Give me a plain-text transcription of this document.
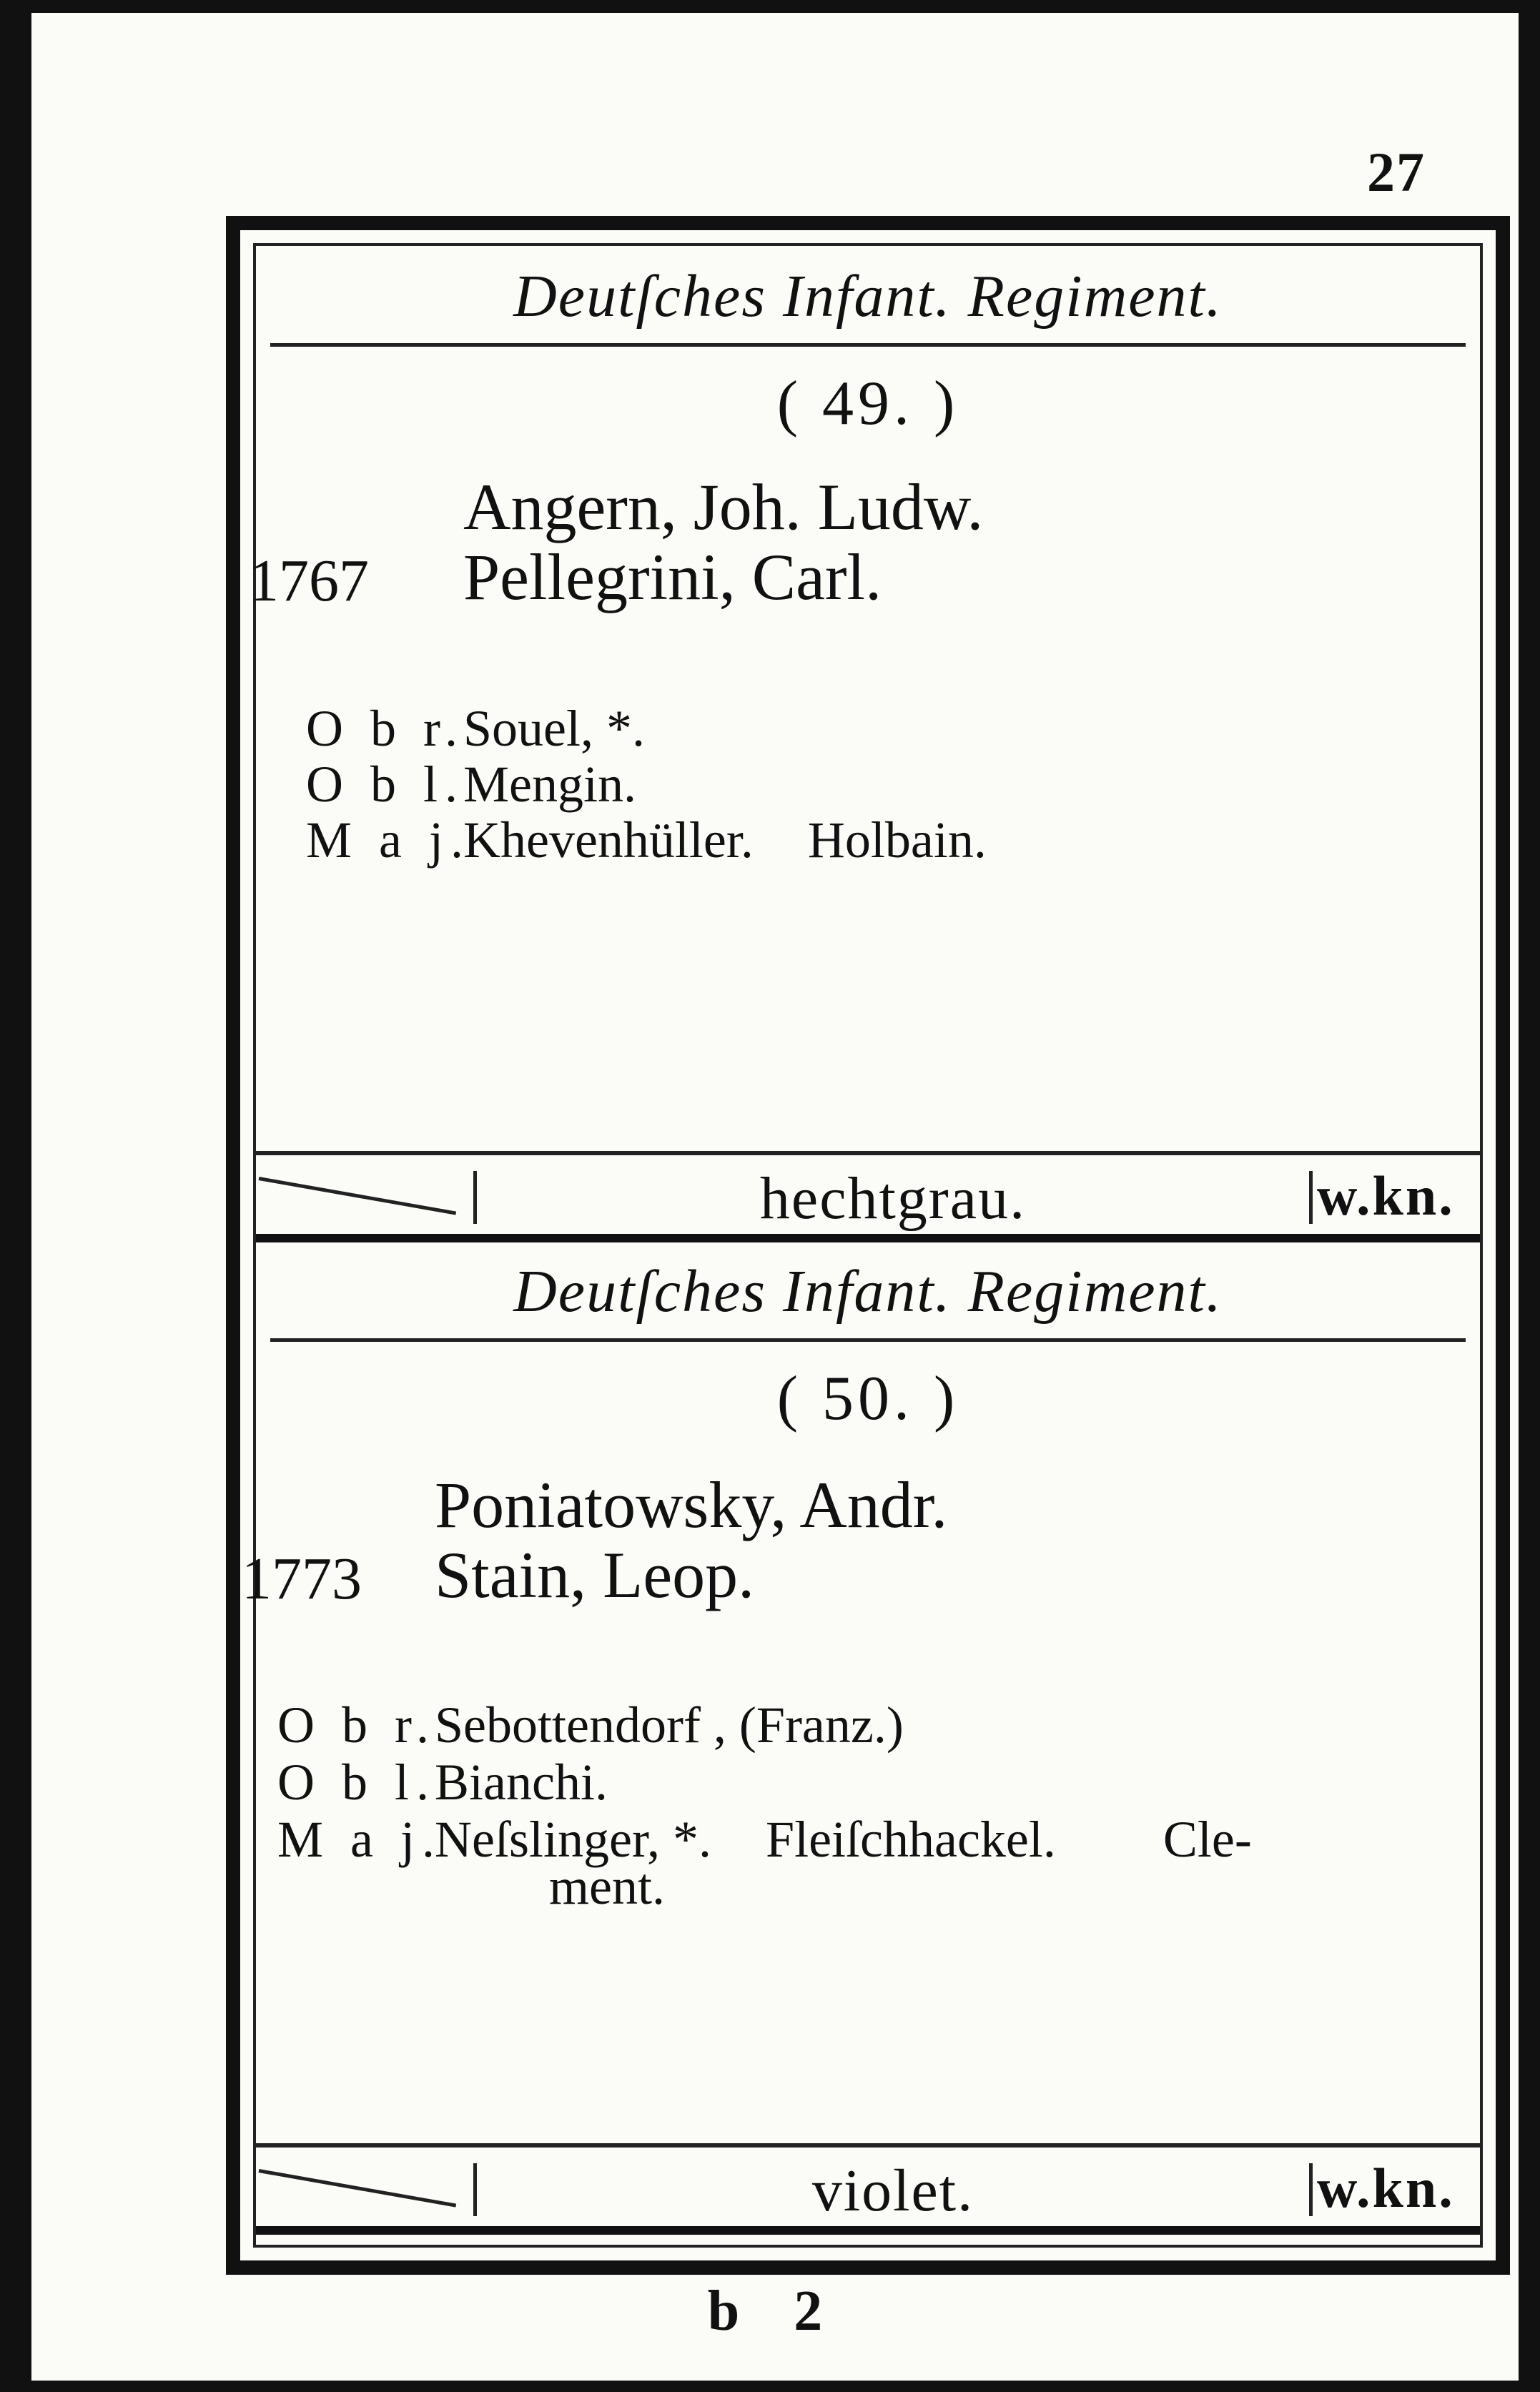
27
Deutſches Infant. Regiment.
( 49. )
Angern, Joh. Ludw.
1767 Pellegrini, Carl.
O b r.Souel, *.
O b l.Mengin.
M a j.Khevenhüller. Holbain.
hechtgrau.	w.kn.
Deutſches Infant. Regiment.
( 50. )
Poniatowsky, Andr.
1773 Stain, Leop.
O b r.Sebottendorf , (Franz.)
O b l.Bianchi.
M a j.Neſslinger, *. Fleiſchhackel. Cle-
ment.
violet.	w.kn.
b 2
